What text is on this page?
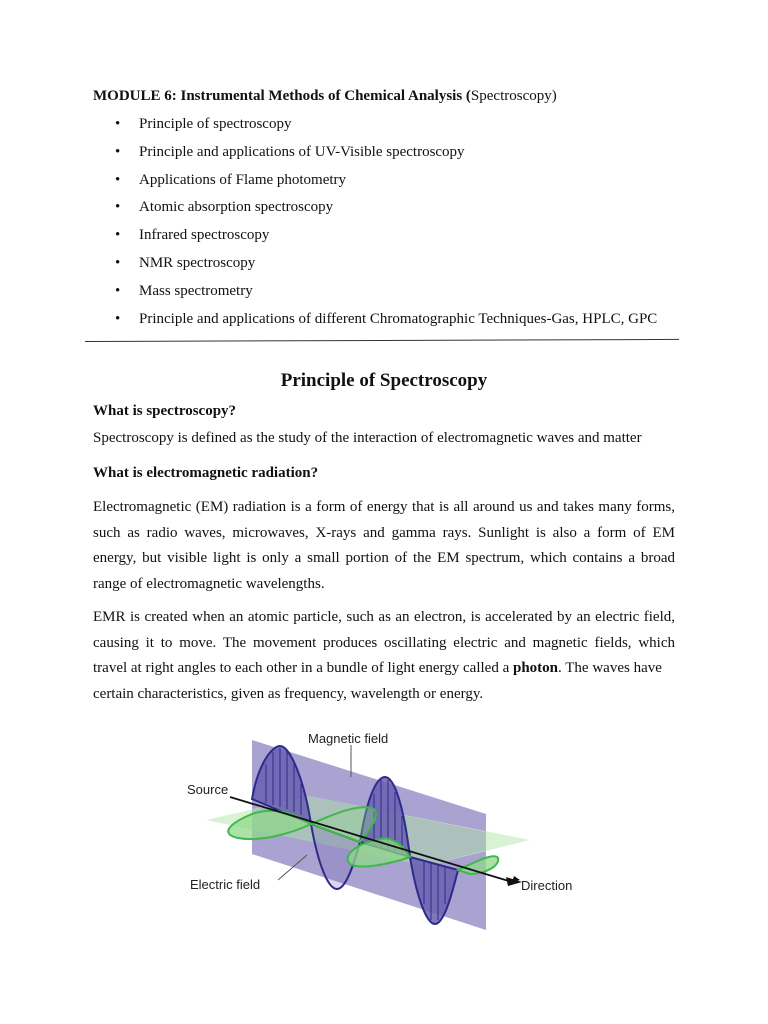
MODULE 6: Instrumental Methods of Chemical Analysis (Spectroscopy)
• Principle of spectroscopy
• Principle and applications of UV-Visible spectroscopy
• Applications of Flame photometry
• Atomic absorption spectroscopy
• Infrared spectroscopy
• NMR spectroscopy
• Mass spectrometry
• Principle and applications of different Chromatographic Techniques-Gas, HPLC, GPC
Principle of Spectroscopy
What is spectroscopy?
Spectroscopy is defined as the study of the interaction of electromagnetic waves and matter
What is electromagnetic radiation?
Electromagnetic (EM) radiation is a form of energy that is all around us and takes many forms,
such as radio waves, microwaves, X-rays and gamma rays. Sunlight is also a form of EM
energy, but visible light is only a small portion of the EM spectrum, which contains a broad
range of electromagnetic wavelengths.
EMR is created when an atomic particle, such as an electron, is accelerated by an electric field,
causing it to move. The movement produces oscillating electric and magnetic fields, which
travel at right angles to each other in a bundle of light energy called a photon. The waves have
certain characteristics, given as frequency, wavelength or energy.
Magnetic field
Source
Electric field	Direction
